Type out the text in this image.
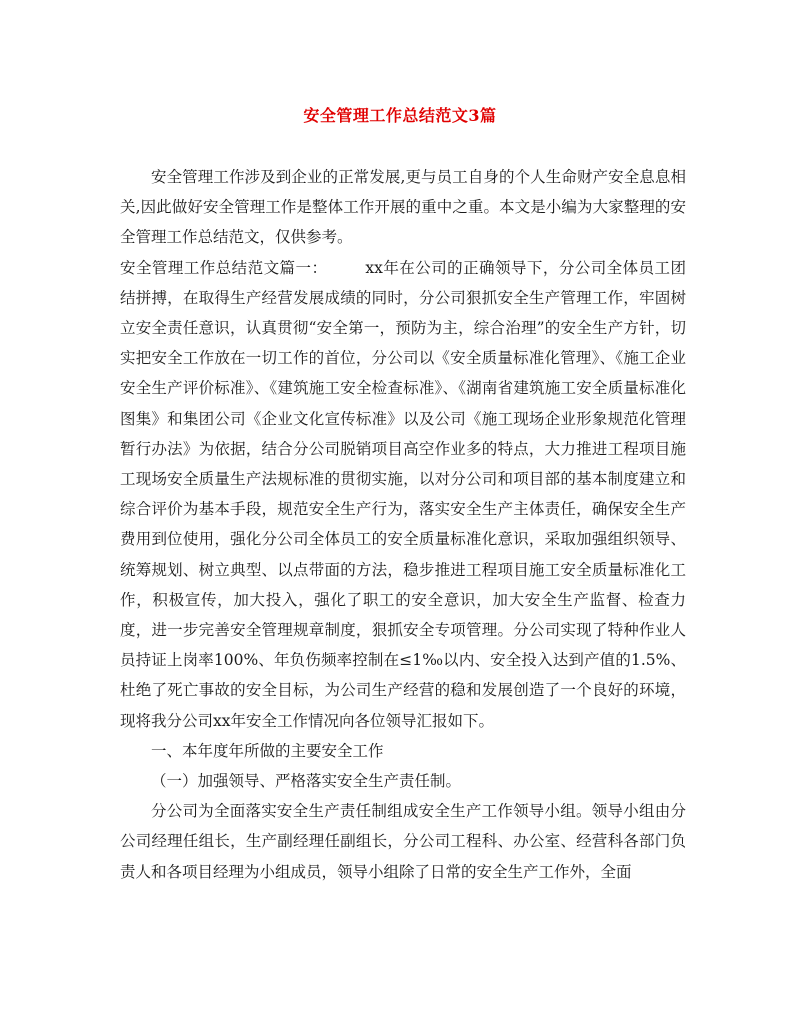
安全管理工作总结范文3篇

安全管理工作涉及到企业的正常发展,更与员工自身的个人生命财产安全息息相关,因此做好安全管理工作是整体工作开展的重中之重。本文是小编为大家整理的安全管理工作总结范文，仅供参考。

安全管理工作总结范文篇一： xx年在公司的正确领导下，分公司全体员工团结拼搏，在取得生产经营发展成绩的同时，分公司狠抓安全生产管理工作，牢固树立安全责任意识，认真贯彻“安全第一，预防为主，综合治理”的安全生产方针，切实把安全工作放在一切工作的首位，分公司以《安全质量标准化管理》、《施工企业安全生产评价标准》、《建筑施工安全检查标准》、《湖南省建筑施工安全质量标准化图集》和集团公司《企业文化宣传标准》以及公司《施工现场企业形象规范化管理暂行办法》为依据，结合分公司脱销项目高空作业多的特点，大力推进工程项目施工现场安全质量生产法规标准的贯彻实施，以对分公司和项目部的基本制度建立和综合评价为基本手段，规范安全生产行为，落实安全生产主体责任，确保安全生产费用到位使用，强化分公司全体员工的安全质量标准化意识，采取加强组织领导、统筹规划、树立典型、以点带面的方法，稳步推进工程项目施工安全质量标准化工作，积极宣传，加大投入，强化了职工的安全意识，加大安全生产监督、检查力度，进一步完善安全管理规章制度，狠抓安全专项管理。分公司实现了特种作业人员持证上岗率100%、年负伤频率控制在≤1‰以内、安全投入达到产值的1.5%、杜绝了死亡事故的安全目标，为公司生产经营的稳和发展创造了一个良好的环境，现将我分公司xx年安全工作情况向各位领导汇报如下。

一、本年度年所做的主要安全工作

（一）加强领导、严格落实安全生产责任制。

分公司为全面落实安全生产责任制组成安全生产工作领导小组。领导小组由分公司经理任组长，生产副经理任副组长，分公司工程科、办公室、经营科各部门负责人和各项目经理为小组成员，领导小组除了日常的安全生产工作外，全面
